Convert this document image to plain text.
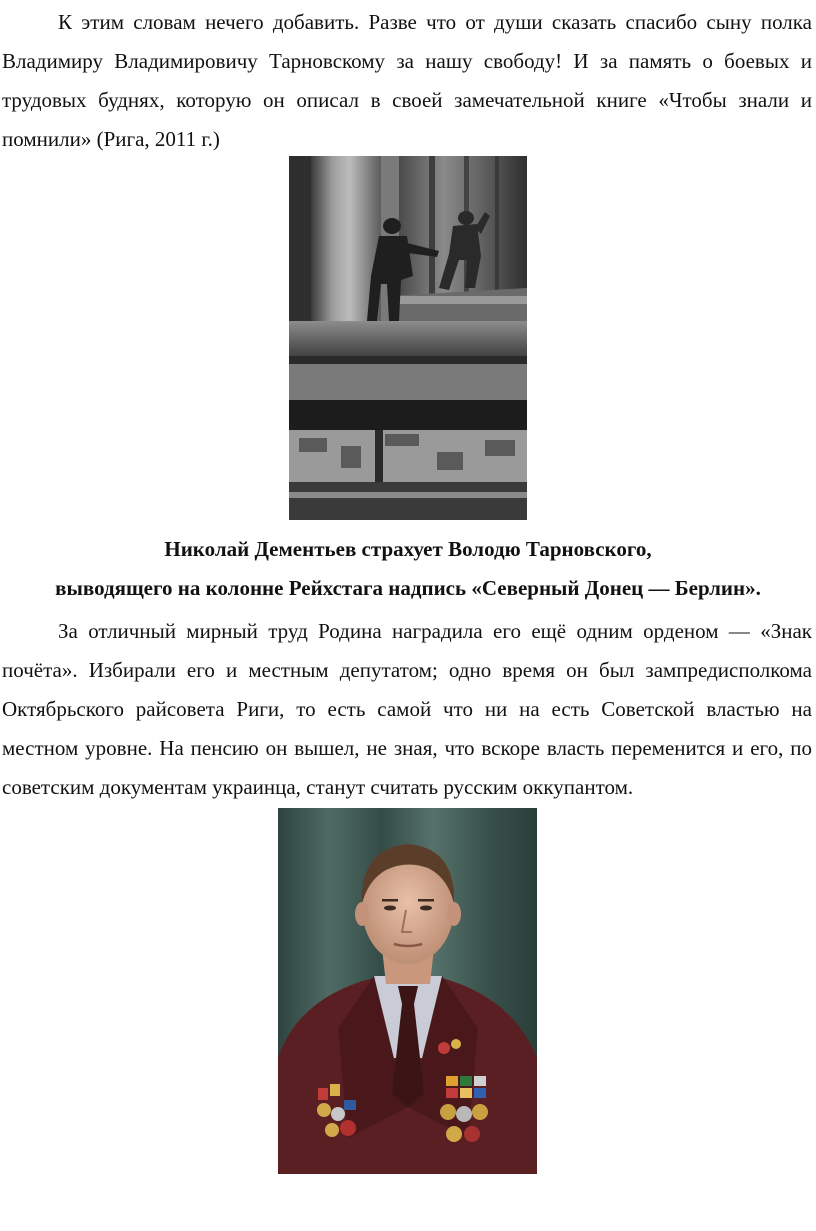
К этим словам нечего добавить. Разве что от души сказать спасибо сыну полка Владимиру Владимировичу Тарновскому за нашу свободу! И за память о боевых и трудовых буднях, которую он описал в своей замечательной книге «Чтобы знали и помнили» (Рига, 2011 г.)

Николай Дементьев страхует Володю Тарновского,

выводящего на колонне Рейхстага надпись «Северный Донец — Берлин».

За отличный мирный труд Родина наградила его ещё одним орденом — «Знак почёта». Избирали его и местным депутатом; одно время он был зампредисполкома Октябрьского райсовета Риги, то есть самой что ни на есть Советской властью на местном уровне. На пенсию он вышел, не зная, что вскоре власть переменится и его, по советским документам украинца, станут считать русским оккупантом.
